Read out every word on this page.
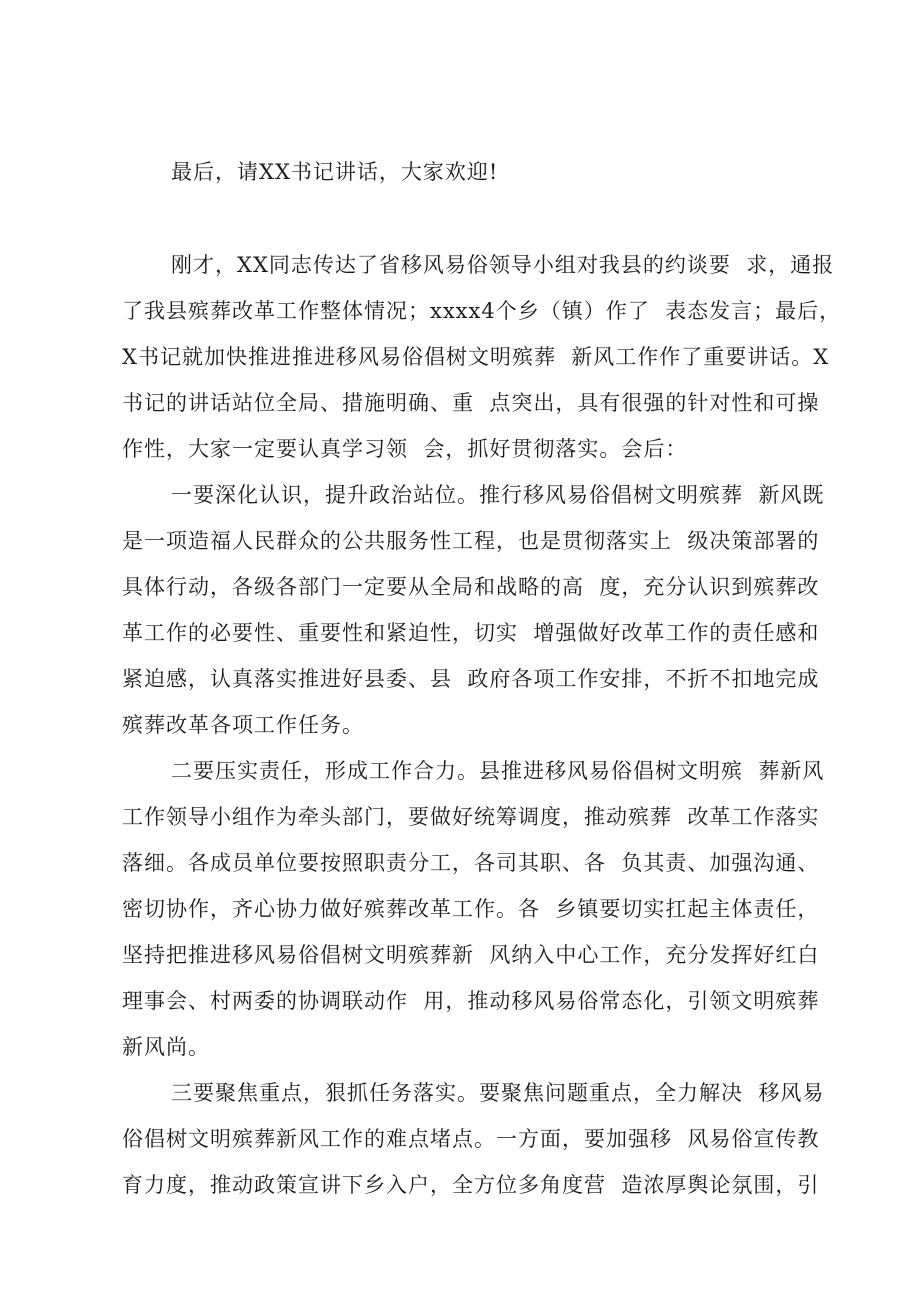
最后，请XX书记讲话，大家欢迎!
刚才，XX同志传达了省移风易俗领导小组对我县的约谈要  求，通报
了我县殡葬改革工作整体情况；xxxx4个乡（镇）作了  表态发言；最后，
X书记就加快推进推进移风易俗倡树文明殡葬  新风工作作了重要讲话。X
书记的讲话站位全局、措施明确、重  点突出，具有很强的针对性和可操
作性，大家一定要认真学习领  会，抓好贯彻落实。会后：
一要深化认识，提升政治站位。推行移风易俗倡树文明殡葬  新风既
是一项造福人民群众的公共服务性工程，也是贯彻落实上  级决策部署的
具体行动，各级各部门一定要从全局和战略的高  度，充分认识到殡葬改
革工作的必要性、重要性和紧迫性，切实  增强做好改革工作的责任感和
紧迫感，认真落实推进好县委、县  政府各项工作安排，不折不扣地完成
殡葬改革各项工作任务。
二要压实责任，形成工作合力。县推进移风易俗倡树文明殡  葬新风
工作领导小组作为牵头部门，要做好统筹调度，推动殡葬  改革工作落实
落细。各成员单位要按照职责分工，各司其职、各  负其责、加强沟通、
密切协作，齐心协力做好殡葬改革工作。各  乡镇要切实扛起主体责任，
坚持把推进移风易俗倡树文明殡葬新  风纳入中心工作，充分发挥好红白
理事会、村两委的协调联动作  用，推动移风易俗常态化，引领文明殡葬
新风尚。
三要聚焦重点，狠抓任务落实。要聚焦问题重点，全力解决  移风易
俗倡树文明殡葬新风工作的难点堵点。一方面，要加强移  风易俗宣传教
育力度，推动政策宣讲下乡入户，全方位多角度营  造浓厚舆论氛围，引
